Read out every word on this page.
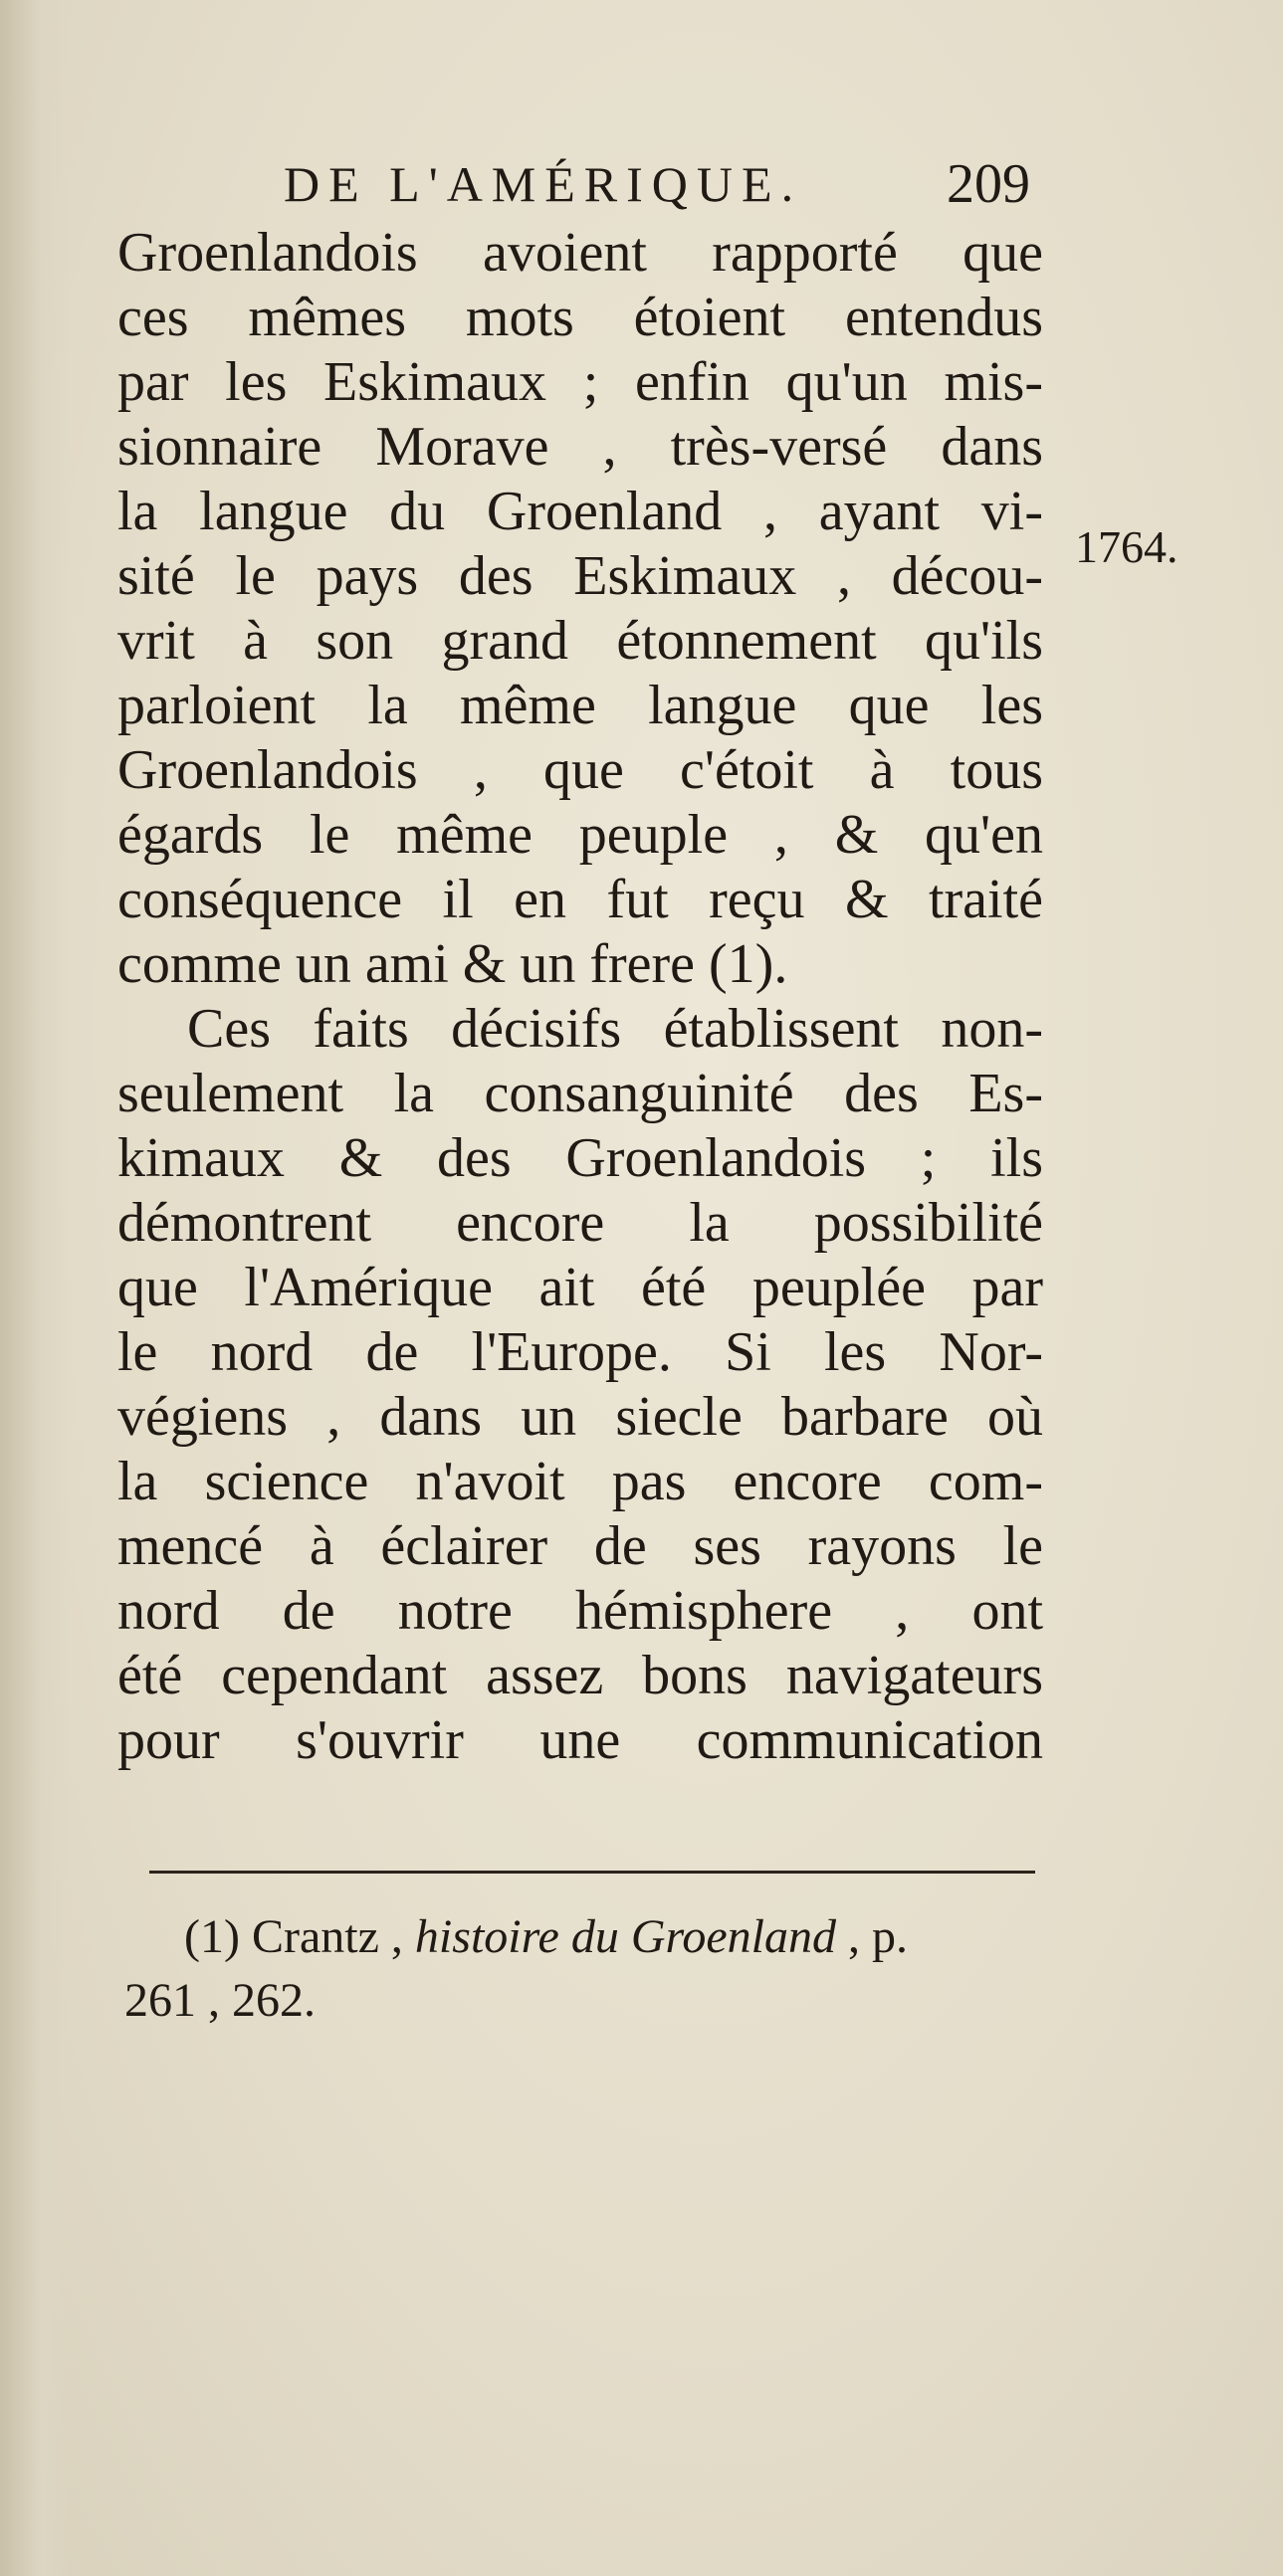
DE L'AMÉRIQUE.	209
1764.
Groenlandois avoient rapporté que
ces mêmes mots étoient entendus
par les Eskimaux ; enfin qu'un mis-
sionnaire Morave , très-versé dans
la langue du Groenland , ayant vi-
sité le pays des Eskimaux , décou-
vrit à son grand étonnement qu'ils
parloient la même langue que les
Groenlandois , que c'étoit à tous
égards le même peuple , & qu'en
conséquence il en fut reçu & traité
comme un ami & un frere (1).
Ces faits décisifs établissent non-
seulement la consanguinité des Es-
kimaux & des Groenlandois ; ils
démontrent encore la possibilité
que l'Amérique ait été peuplée par
le nord de l'Europe. Si les Nor-
végiens , dans un siecle barbare où
la science n'avoit pas encore com-
mencé à éclairer de ses rayons le
nord de notre hémisphere , ont
été cependant assez bons navigateurs
pour s'ouvrir une communication
(1) Crantz , histoire du Groenland , p.
261 , 262.
